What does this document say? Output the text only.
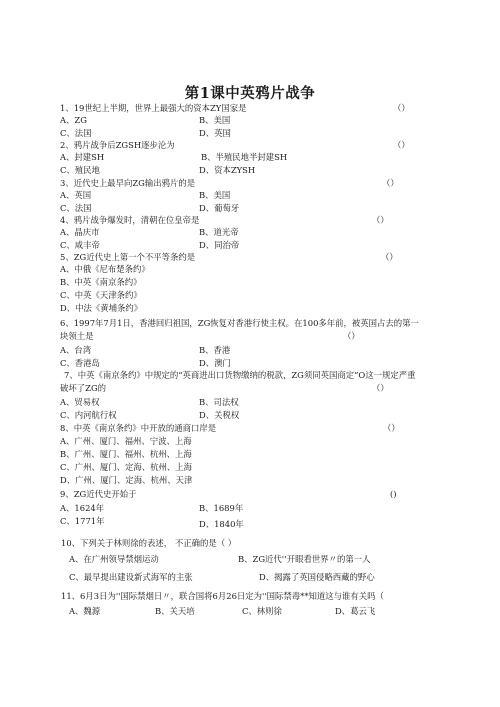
第1课中英鸦片战争
1、19世纪上半期，世界上最强大的资本ZY国家是	（）
A、ZG	B、美国
C、法国	D、英国
2、鸦片战争后ZGSH逐步沦为	（）
A、封建SH	B、半殖民地半封建SH
C、殖民地	D、资本ZYSH
3、近代史上最早向ZG输出鸦片的是	（）
A、英国	B、美国
C、法国	D、葡萄牙
4、鸦片战争爆发时，清朝在位皇帝是	（）
A、晶庆市	B、道光帝
C、咸丰帝	D、同治帝
5、ZG近代史上第一个不平等条约是	（）
A、中俄《尼布楚条约》
B、中英《南京条约》
C、中英《天津条约》
D、中法《黄埔条约》
6、1997年7月1日，香港回归祖国，ZG恢复对香港行使主权。在100多年前，被英国占去的第一
块领土是	（）
A、台湾	B、香港
C、香港岛	D、澳门
7、中英《南京条约》中规定的“英商进出口货物缴纳的税款，ZG须同英国商定”O这一规定严重
破坏了ZG的	（）
A、贸易权	B、司法权
C、内河航行权	D、关税权
8、中英《南京条约》中开放的通商口岸是	（）
A、广州、厦门、福州、宁波、上海
B、广州、厦门、福州、杭州、上海
C、广州、厦门、定海、杭州、上海
D、广州、厦门、定海、杭州、天津
9、ZG近代史开始于	()
A、1624年	B、1689年
C、1771年	D、1840年
10、下列关于林则徐的表述， 不正确的是（ ）
A、在广州领导禁烟运动	B、ZG近代'’开眼看世界〃的第一人
C、最早提出建设新式海军的主张	D、揭露了英国侵略西藏的野心
11、6月3日为''国际禁烟日〃，联合国将6月26日定为''国际禁毒**知道这与谁有关吗（
A、魏源	B、关天培	C、林则徐	D、葛云飞
